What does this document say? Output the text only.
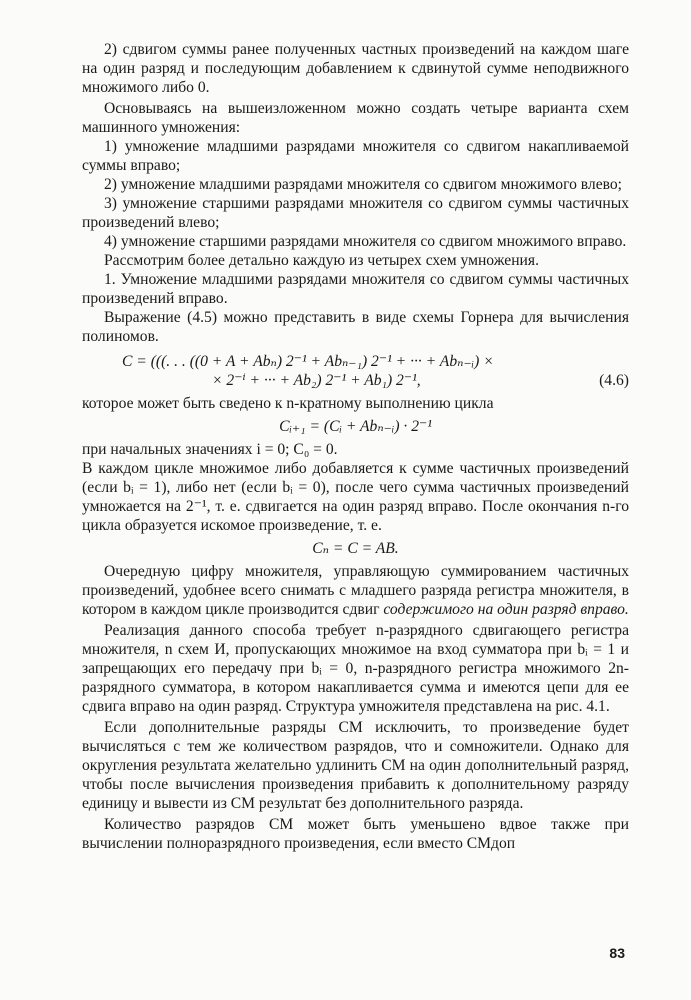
2) сдвигом суммы ранее полученных частных произведений на каждом шаге на один разряд и последующим добавлением к сдвинутой сумме неподвижного множимого либо 0.

Основываясь на вышеизложенном можно создать четыре варианта схем машинного умножения:

1) умножение младшими разрядами множителя со сдвигом накапливаемой суммы вправо;

2) умножение младшими разрядами множителя со сдвигом множимого влево;

3) умножение старшими разрядами множителя со сдвигом суммы частичных произведений влево;

4) умножение старшими разрядами множителя со сдвигом множимого вправо.

Рассмотрим более детально каждую из четырех схем умножения.

1. Умножение младшими разрядами множителя со сдвигом суммы частичных произведений вправо.

Выражение (4.5) можно представить в виде схемы Горнера для вычисления полиномов.

C = (((. . . ((0 + A + Abₙ) 2⁻¹ + Abₙ₋₁) 2⁻¹ + ··· + Abₙ₋ᵢ) ×
× 2⁻ⁱ + ··· + Ab₂) 2⁻¹ + Ab₁) 2⁻¹,	(4.6)

которое может быть сведено к n-кратному выполнению цикла

Cᵢ₊₁ = (Cᵢ + Abₙ₋ᵢ) · 2⁻¹

при начальных значениях i = 0; C₀ = 0.

В каждом цикле множимое либо добавляется к сумме частичных произведений (если bᵢ = 1), либо нет (если bᵢ = 0), после чего сумма частичных произведений умножается на 2⁻¹, т. е. сдвигается на один разряд вправо. После окончания n-го цикла образуется искомое произведение, т. е.

Cₙ = C = AB.

Очередную цифру множителя, управляющую суммированием частичных произведений, удобнее всего снимать с младшего разряда регистра множителя, в котором в каждом цикле производится сдвиг содержимого на один разряд вправо.

Реализация данного способа требует n-разрядного сдвигающего регистра множителя, n схем И, пропускающих множимое на вход сумматора при bᵢ = 1 и запрещающих его передачу при bᵢ = 0, n-разрядного регистра множимого 2n-разрядного сумматора, в котором накапливается сумма и имеются цепи для ее сдвига вправо на один разряд. Структура умножителя представлена на рис. 4.1.

Если дополнительные разряды СМ исключить, то произведение будет вычисляться с тем же количеством разрядов, что и сомножители. Однако для округления результата желательно удлинить СМ на один дополнительный разряд, чтобы после вычисления произведения прибавить к дополнительному разряду единицу и вывести из СМ результат без дополнительного разряда.

Количество разрядов СМ может быть уменьшено вдвое также при вычислении полноразрядного произведения, если вместо СМдоп

83
